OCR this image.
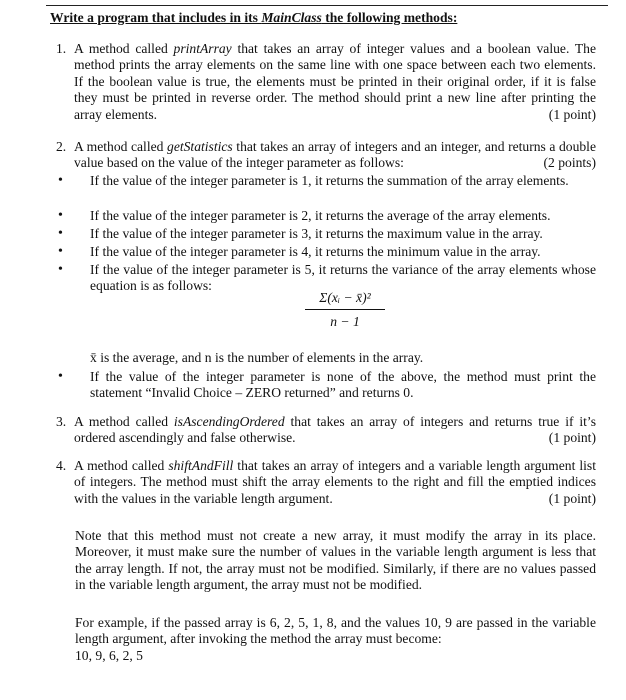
Write a program that includes in its MainClass the following methods:
1. A method called printArray that takes an array of integer values and a boolean value. The method prints the array elements on the same line with one space between each two elements. If the boolean value is true, the elements must be printed in their original order, if it is false they must be printed in reverse order. The method should print a new line after printing the array elements.	(1 point)
2. A method called getStatistics that takes an array of integers and an integer, and returns a double value based on the value of the integer parameter as follows:	(2 points)
• If the value of the integer parameter is 1, it returns the summation of the array elements.
• If the value of the integer parameter is 2, it returns the average of the array elements.
• If the value of the integer parameter is 3, it returns the maximum value in the array.
• If the value of the integer parameter is 4, it returns the minimum value in the array.
• If the value of the integer parameter is 5, it returns the variance of the array elements whose equation is as follows:
$\frac{\text{Σ(xᵢ − x̄)²}}{n - 1}$
x̄ is the average, and n is the number of elements in the array.
• If the value of the integer parameter is none of the above, the method must print the statement “Invalid Choice – ZERO returned” and returns 0.
3. A method called isAscendingOrdered that takes an array of integers and returns true if it’s ordered ascendingly and false otherwise.	(1 point)
4. A method called shiftAndFill that takes an array of integers and a variable length argument list of integers. The method must shift the array elements to the right and fill the emptied indices with the values in the variable length argument.	(1 point)
Note that this method must not create a new array, it must modify the array in its place. Moreover, it must make sure the number of values in the variable length argument is less that the array length. If not, the array must not be modified. Similarly, if there are no values passed in the variable length argument, the array must not be modified.
For example, if the passed array is 6, 2, 5, 1, 8, and the values 10, 9 are passed in the variable length argument, after invoking the method the array must become:
10, 9, 6, 2, 5
